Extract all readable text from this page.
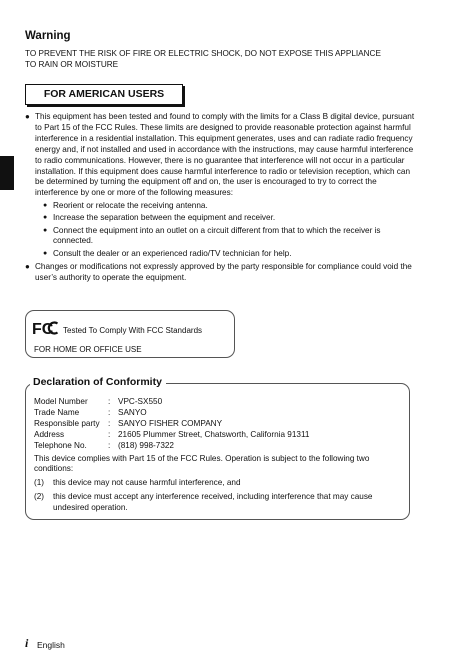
Warning
TO PREVENT THE RISK OF FIRE OR ELECTRIC SHOCK, DO NOT EXPOSE THIS APPLIANCE TO RAIN OR MOISTURE
FOR AMERICAN USERS
● This equipment has been tested and found to comply with the limits for a Class B digital device, pursuant to Part 15 of the FCC Rules. These limits are designed to provide reasonable protection against harmful interference in a residential installation. This equipment generates, uses and can radiate radio frequency energy and, if not installed and used in accordance with the instructions, may cause harmful interference to radio communications. However, there is no guarantee that interference will not occur in a particular installation. If this equipment does cause harmful interference to radio or television reception, which can be determined by turning the equipment off and on, the user is encouraged to try to correct the interference by one or more of the following measures:
● Reorient or relocate the receiving antenna.
● Increase the separation between the equipment and receiver.
● Connect the equipment into an outlet on a circuit different from that to which the receiver is connected.
● Consult the dealer or an experienced radio/TV technician for help.
● Changes or modifications not expressly approved by the party responsible for compliance could void the user’s authority to operate the equipment.
FC Tested To Comply With FCC Standards
FOR HOME OR OFFICE USE
Declaration of Conformity
Model Number	: VPC-SX550
Trade Name	: SANYO
Responsible party	: SANYO FISHER COMPANY
Address	: 21605 Plummer Street, Chatsworth, California 91311
Telephone No.	: (818) 998-7322
This device complies with Part 15 of the FCC Rules. Operation is subject to the following two conditions:
(1) this device may not cause harmful interference, and
(2) this device must accept any interference received, including interference that may cause undesired operation.
i English
